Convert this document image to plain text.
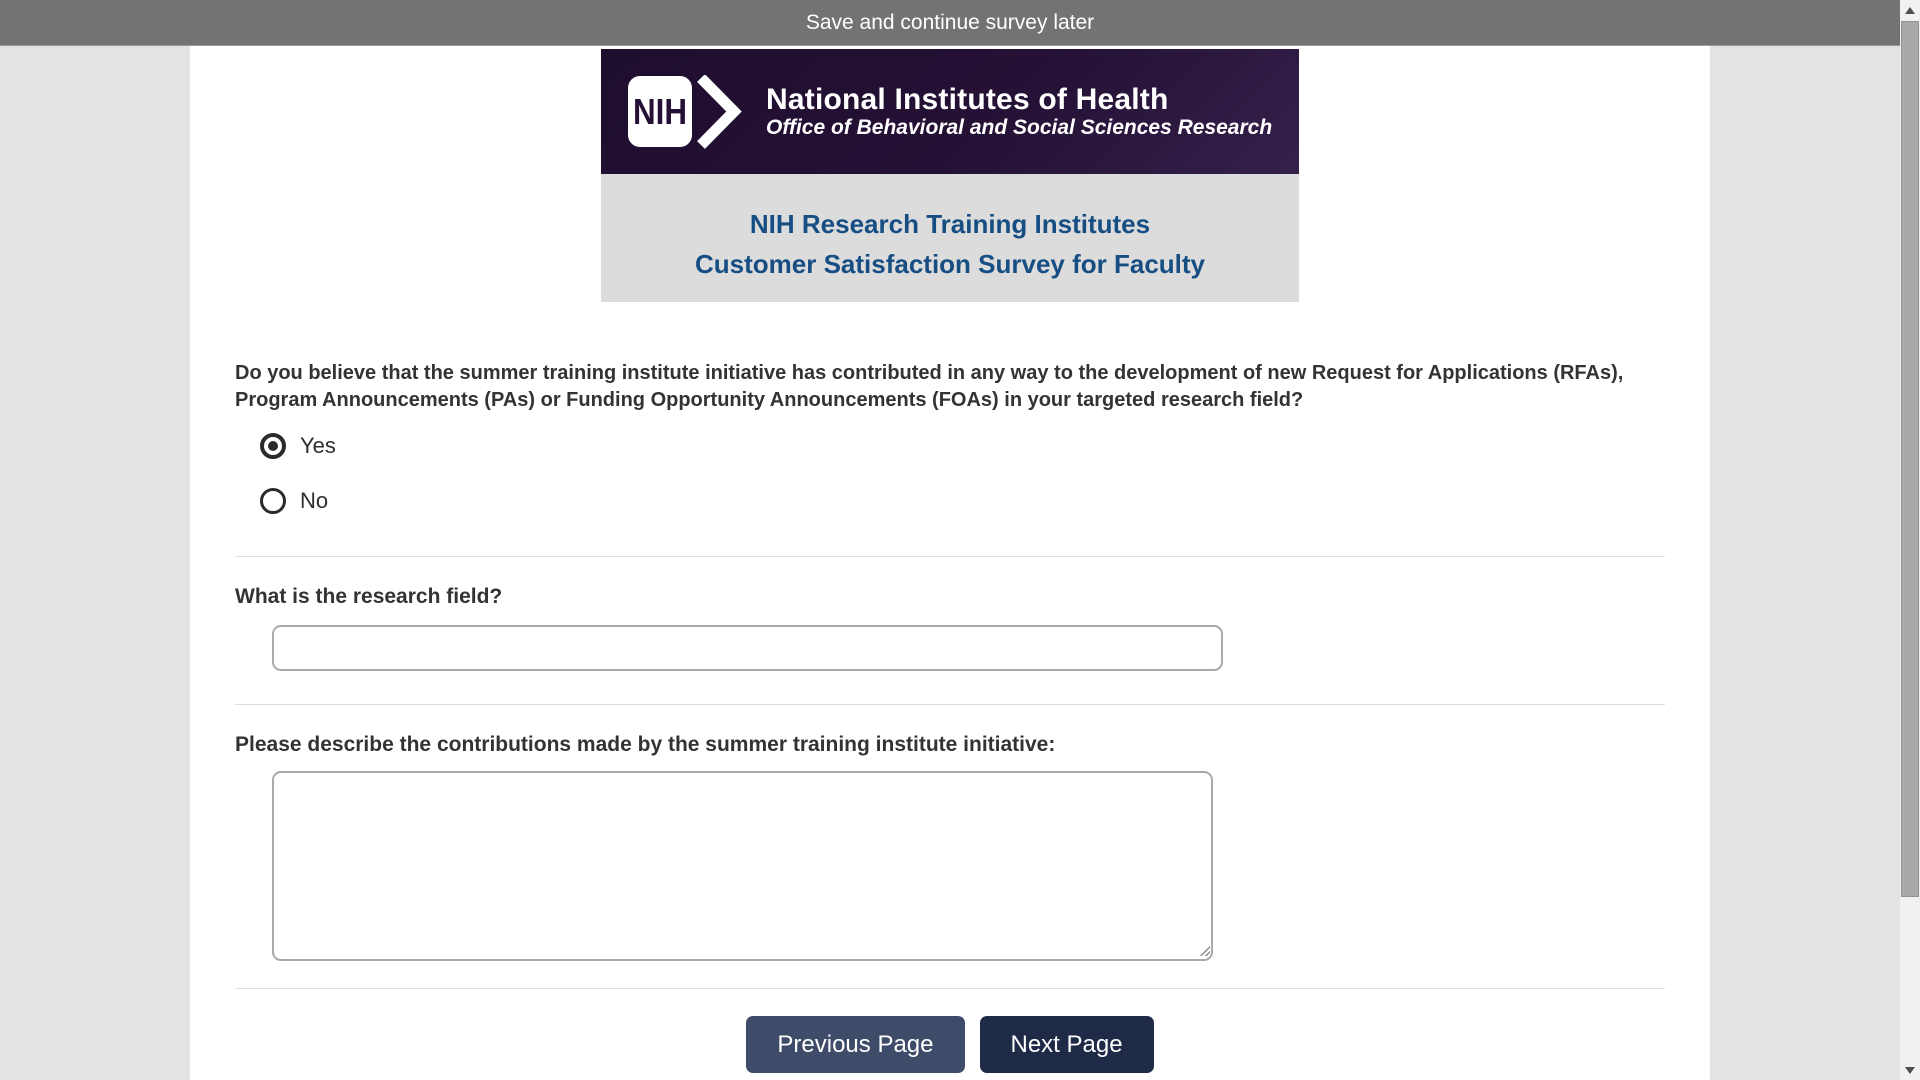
Save and continue survey later
NIH	National Institutes of Health
Office of Behavioral and Social Sciences Research
NIH Research Training Institutes
Customer Satisfaction Survey for Faculty
Do you believe that the summer training institute initiative has contributed in any way to the development of new Request for Applications (RFAs), Program Announcements (PAs) or Funding Opportunity Announcements (FOAs) in your targeted research field?
Yes
No
What is the research field?
Please describe the contributions made by the summer training institute initiative:
Previous Page	Next Page
